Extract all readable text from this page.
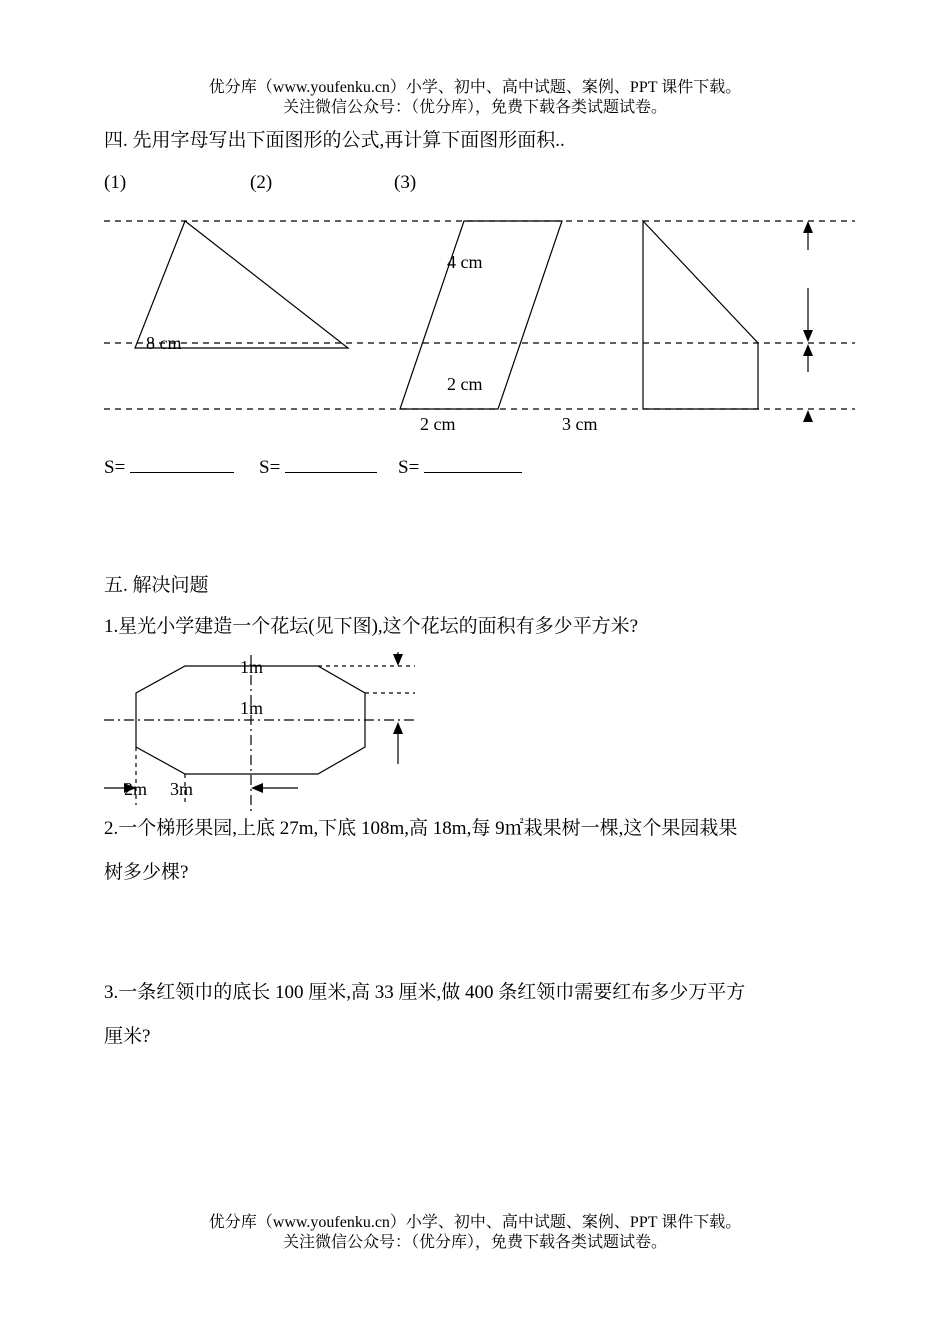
优分库（www.youfenku.cn）小学、初中、高中试题、案例、PPT 课件下载。
关注微信公众号：（优分库），免费下载各类试题试卷。
四. 先用字母写出下面图形的公式,再计算下面图形面积..
(1)	(2)	(3)
8 cm
4 cm
2 cm
2 cm	3 cm
S=	S=	S=
五. 解决问题
1.星光小学建造一个花坛(见下图),这个花坛的面积有多少平方米?
1m
1m
2m 3m
2.一个梯形果园,上底 27m,下底 108m,高 18m,每 9㎡栽果树一棵,这个果园栽果
树多少棵?
3.一条红领巾的底长 100 厘米,高 33 厘米,做 400 条红领巾需要红布多少万平方
厘米?
优分库（www.youfenku.cn）小学、初中、高中试题、案例、PPT 课件下载。
关注微信公众号：（优分库），免费下载各类试题试卷。
